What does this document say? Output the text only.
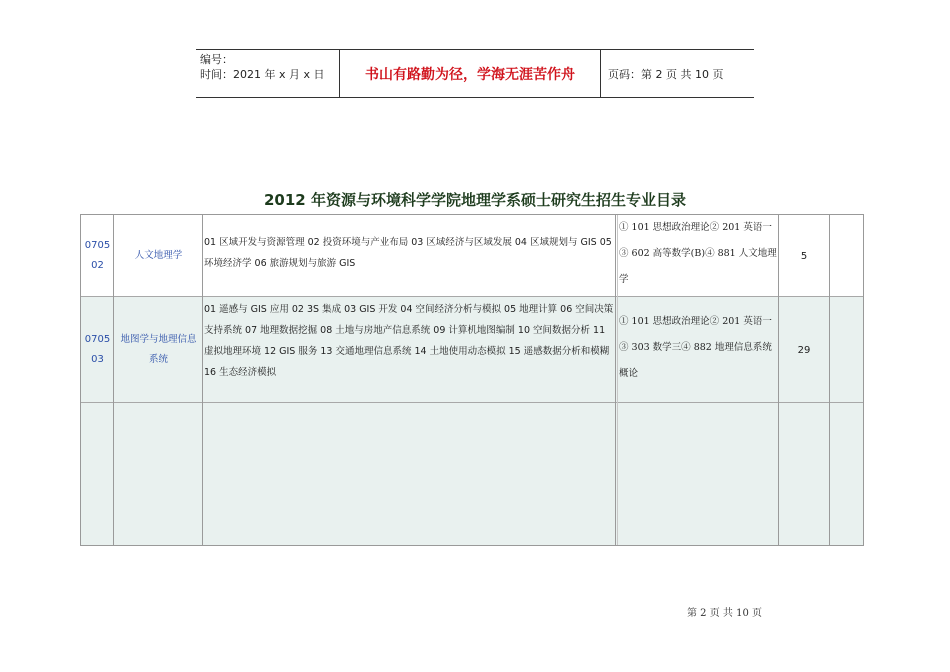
编号：
时间：2021 年 x 月 x 日	书山有路勤为径，学海无涯苦作舟	页码：第 2 页 共 10 页
2012 年资源与环境科学学院地理学系硕士研究生招生专业目录
070502
人文地理学
01 区域开发与资源管理 02 投资环境与产业布局 03 区域经济与区域发展 04 区域规划与 GIS 05 环境经济学 06 旅游规划与旅游 GIS
① 101 思想政治理论② 201 英语一③ 602 高等数学(B)④ 881 人文地理学
5
070503
地图学与地理信息系统
01 遥感与 GIS 应用 02 3S 集成 03 GIS 开发 04 空间经济分析与模拟 05 地理计算 06 空间决策支持系统 07 地理数据挖掘 08 土地与房地产信息系统 09 计算机地图编制 10 空间数据分析 11 虚拟地理环境 12 GIS 服务 13 交通地理信息系统 14 土地使用动态模拟 15 遥感数据分析和模糊 16 生态经济模拟
① 101 思想政治理论② 201 英语一③ 303 数学三④ 882 地理信息系统概论
29
第 2 页 共 10 页
